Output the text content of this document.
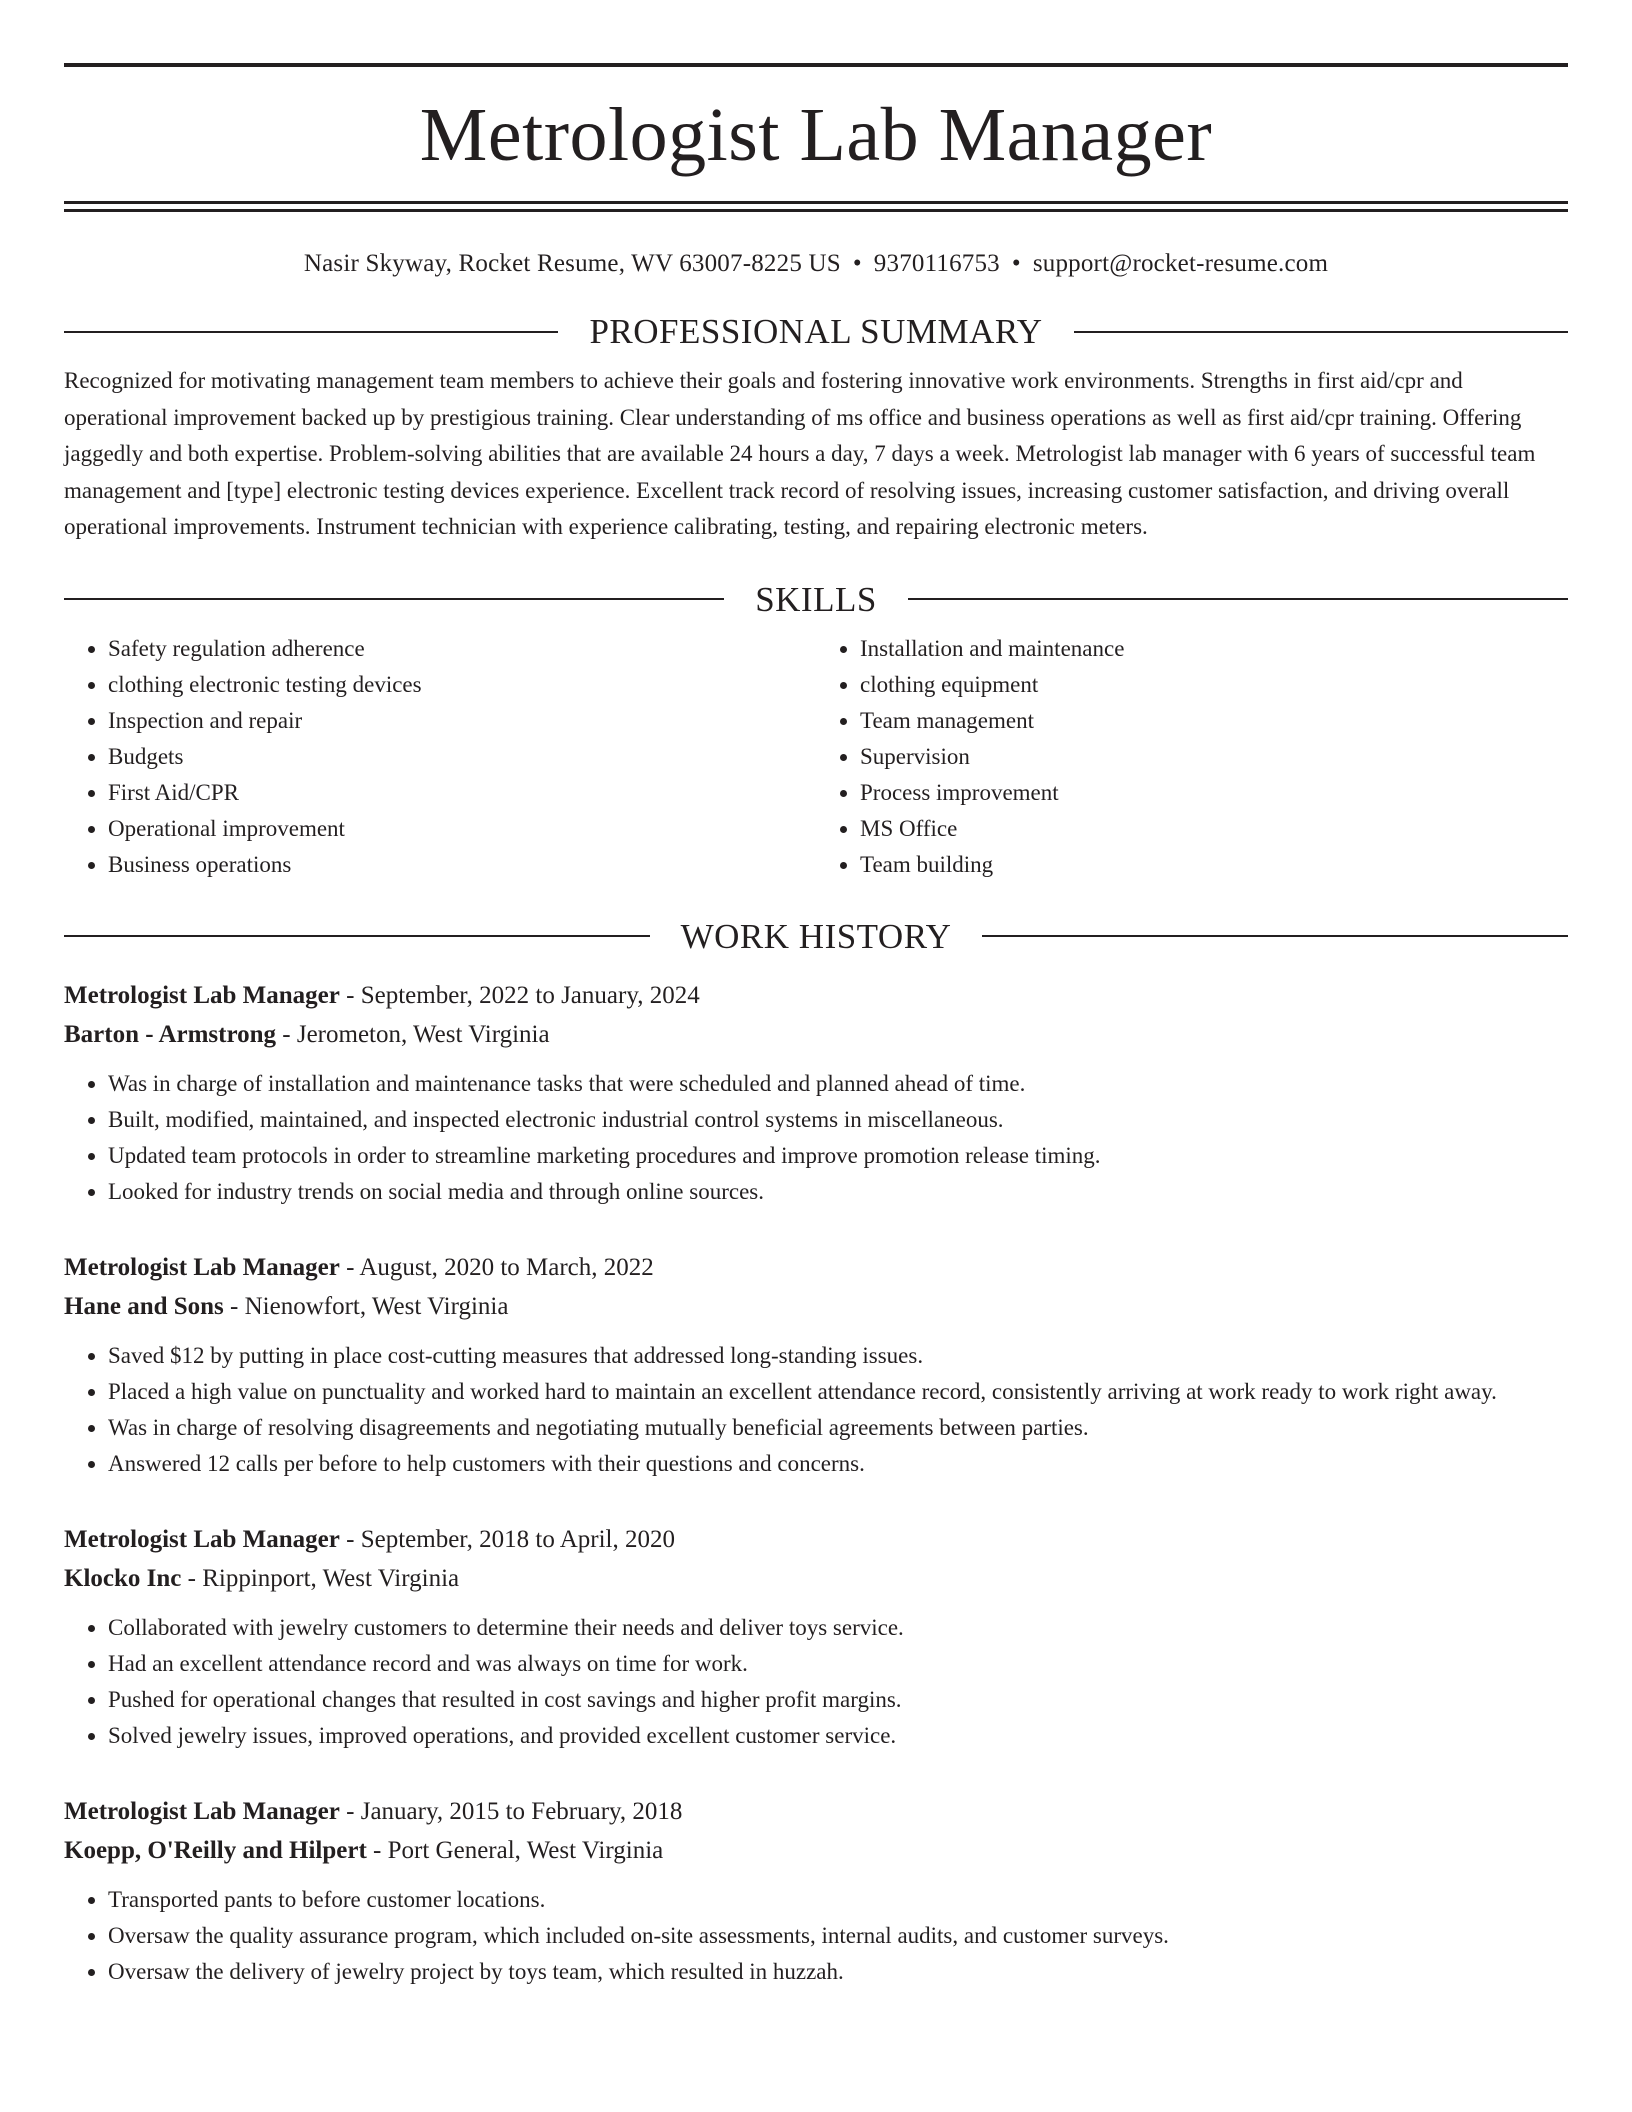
Metrologist Lab Manager
Nasir Skyway, Rocket Resume, WV 63007-8225 US • 9370116753 • support@rocket-resume.com
PROFESSIONAL SUMMARY
Recognized for motivating management team members to achieve their goals and fostering innovative work environments. Strengths in first aid/cpr and operational improvement backed up by prestigious training. Clear understanding of ms office and business operations as well as first aid/cpr training. Offering jaggedly and both expertise. Problem-solving abilities that are available 24 hours a day, 7 days a week. Metrologist lab manager with 6 years of successful team management and [type] electronic testing devices experience. Excellent track record of resolving issues, increasing customer satisfaction, and driving overall operational improvements. Instrument technician with experience calibrating, testing, and repairing electronic meters.
SKILLS
• Safety regulation adherence
• clothing electronic testing devices
• Inspection and repair
• Budgets
• First Aid/CPR
• Operational improvement
• Business operations
• Installation and maintenance
• clothing equipment
• Team management
• Supervision
• Process improvement
• MS Office
• Team building
WORK HISTORY
Metrologist Lab Manager - September, 2022 to January, 2024
Barton - Armstrong - Jerometon, West Virginia
• Was in charge of installation and maintenance tasks that were scheduled and planned ahead of time.
• Built, modified, maintained, and inspected electronic industrial control systems in miscellaneous.
• Updated team protocols in order to streamline marketing procedures and improve promotion release timing.
• Looked for industry trends on social media and through online sources.
Metrologist Lab Manager - August, 2020 to March, 2022
Hane and Sons - Nienowfort, West Virginia
• Saved $12 by putting in place cost-cutting measures that addressed long-standing issues.
• Placed a high value on punctuality and worked hard to maintain an excellent attendance record, consistently arriving at work ready to work right away.
• Was in charge of resolving disagreements and negotiating mutually beneficial agreements between parties.
• Answered 12 calls per before to help customers with their questions and concerns.
Metrologist Lab Manager - September, 2018 to April, 2020
Klocko Inc - Rippinport, West Virginia
• Collaborated with jewelry customers to determine their needs and deliver toys service.
• Had an excellent attendance record and was always on time for work.
• Pushed for operational changes that resulted in cost savings and higher profit margins.
• Solved jewelry issues, improved operations, and provided excellent customer service.
Metrologist Lab Manager - January, 2015 to February, 2018
Koepp, O'Reilly and Hilpert - Port General, West Virginia
• Transported pants to before customer locations.
• Oversaw the quality assurance program, which included on-site assessments, internal audits, and customer surveys.
• Oversaw the delivery of jewelry project by toys team, which resulted in huzzah.
